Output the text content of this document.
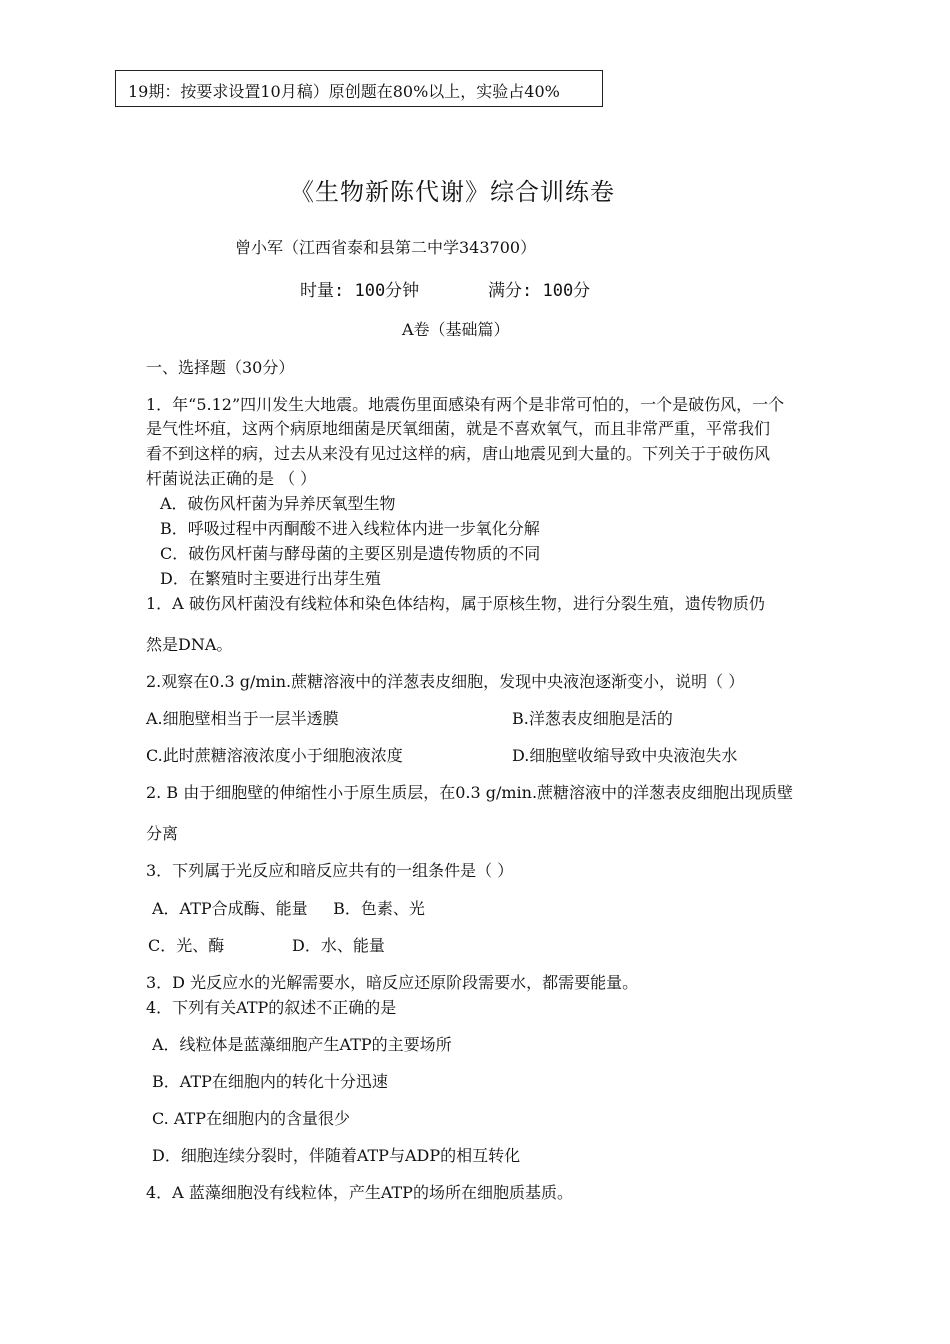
19期：按要求设置10月稿）原创题在80%以上，实验占40%
《生物新陈代谢》综合训练卷
曾小军（江西省泰和县第二中学343700）
时量: 100分钟	满分: 100分
A卷（基础篇）
一、选择题（30分）
1．年“5.12”四川发生大地震。地震伤里面感染有两个是非常可怕的，一个是破伤风，一个
是气性坏疽，这两个病原地细菌是厌氧细菌，就是不喜欢氧气，而且非常严重，平常我们
看不到这样的病，过去从来没有见过这样的病，唐山地震见到大量的。下列关于于破伤风
杆菌说法正确的是 （ ）
A．破伤风杆菌为异养厌氧型生物
B．呼吸过程中丙酮酸不进入线粒体内进一步氧化分解
C．破伤风杆菌与酵母菌的主要区别是遗传物质的不同
D．在繁殖时主要进行出芽生殖
1．A 破伤风杆菌没有线粒体和染色体结构，属于原核生物，进行分裂生殖，遗传物质仍
然是DNA。
2.观察在0.3 g/min.蔗糖溶液中的洋葱表皮细胞，发现中央液泡逐渐变小，说明（ ）
A.细胞壁相当于一层半透膜	B.洋葱表皮细胞是活的
C.此时蔗糖溶液浓度小于细胞液浓度	D.细胞壁收缩导致中央液泡失水
2. B 由于细胞壁的伸缩性小于原生质层，在0.3 g/min.蔗糖溶液中的洋葱表皮细胞出现质壁
分离
3．下列属于光反应和暗反应共有的一组条件是（ ）
A．ATP合成酶、能量     B．色素、光
C．光、酶	D．水、能量
3．D 光反应水的光解需要水，暗反应还原阶段需要水，都需要能量。
4．下列有关ATP的叙述不正确的是
A．线粒体是蓝藻细胞产生ATP的主要场所
B．ATP在细胞内的转化十分迅速
C. ATP在细胞内的含量很少
D．细胞连续分裂时，伴随着ATP与ADP的相互转化
4．A 蓝藻细胞没有线粒体，产生ATP的场所在细胞质基质。
